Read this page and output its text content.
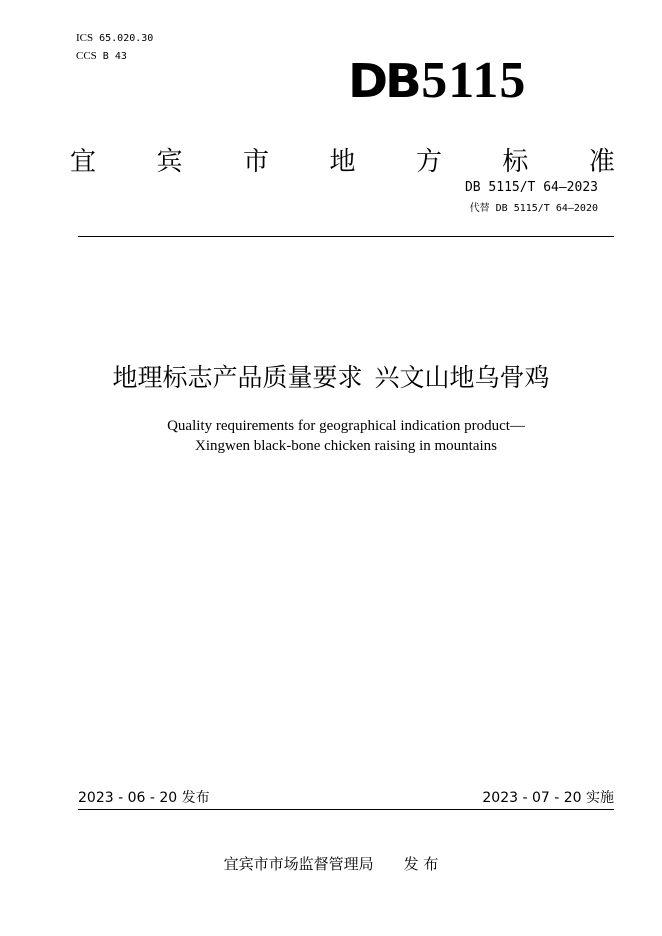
ICS 65.020.30
CCS B 43	DB5115
宜 宾 市 地 方 标 准
DB 5115/T 64—2023
代替 DB 5115/T 64—2020
地理标志产品质量要求 兴文山地乌骨鸡
Quality requirements for geographical indication product—
Xingwen black-bone chicken raising in mountains
2023 - 06 - 20 发布	2023 - 07 - 20 实施
宜宾市市场监督管理局 发 布
